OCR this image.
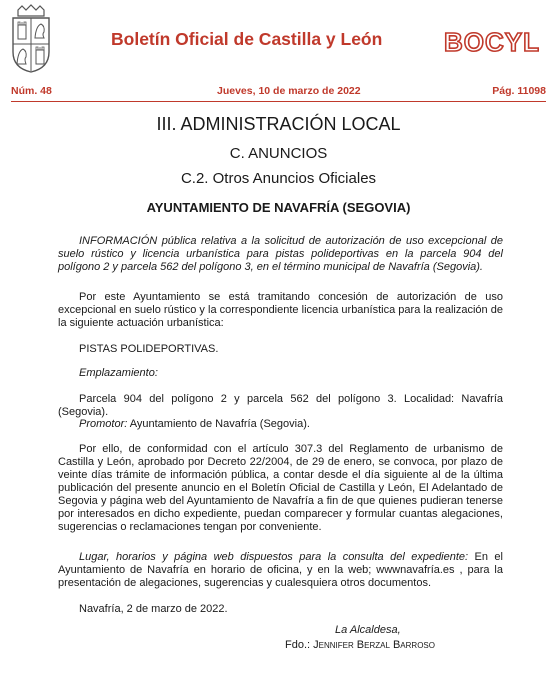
Boletín Oficial de Castilla y León BOCYL
Núm. 48	Jueves, 10 de marzo de 2022	Pág. 11098
III. ADMINISTRACIÓN LOCAL
C. ANUNCIOS
C.2. Otros Anuncios Oficiales
AYUNTAMIENTO DE NAVAFRÍA (SEGOVIA)
INFORMACIÓN pública relativa a la solicitud de autorización de uso excepcional de suelo rústico y licencia urbanística para pistas polideportivas en la parcela 904 del polígono 2 y parcela 562 del polígono 3, en el término municipal de Navafría (Segovia).
Por este Ayuntamiento se está tramitando concesión de autorización de uso excepcional en suelo rústico y la correspondiente licencia urbanística para la realización de la siguiente actuación urbanística:
PISTAS POLIDEPORTIVAS.
Emplazamiento:
Parcela 904 del polígono 2 y parcela 562 del polígono 3. Localidad: Navafría (Segovia).
Promotor: Ayuntamiento de Navafría (Segovia).
Por ello, de conformidad con el artículo 307.3 del Reglamento de urbanismo de Castilla y León, aprobado por Decreto 22/2004, de 29 de enero, se convoca, por plazo de veinte días trámite de información pública, a contar desde el día siguiente al de la última publicación del presente anuncio en el Boletín Oficial de Castilla y León, El Adelantado de Segovia y página web del Ayuntamiento de Navafría a fin de que quienes pudieran tenerse por interesados en dicho expediente, puedan comparecer y formular cuantas alegaciones, sugerencias o reclamaciones tengan por conveniente.
Lugar, horarios y página web dispuestos para la consulta del expediente: En el Ayuntamiento de Navafría en horario de oficina, y en la web; wwwnavafría.es , para la presentación de alegaciones, sugerencias y cualesquiera otros documentos.
Navafría, 2 de marzo de 2022.
La Alcaldesa,
Fdo.: Jennifer Berzal Barroso
